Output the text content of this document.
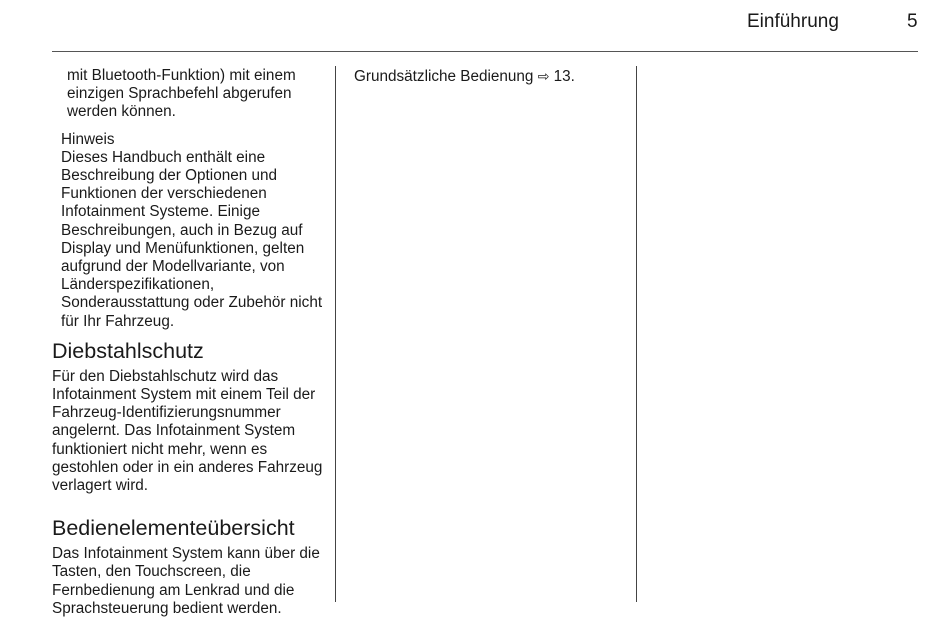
Einführung	5

mit Bluetooth-Funktion) mit einem einzigen Sprachbefehl abgerufen werden können.

Hinweis

Dieses Handbuch enthält eine Beschreibung der Optionen und Funktionen der verschiedenen Infotainment Systeme. Einige Beschreibungen, auch in Bezug auf Display und Menüfunktionen, gelten aufgrund der Modellvariante, von Länderspezifikationen, Sonderausstattung oder Zubehör nicht für Ihr Fahrzeug.

Diebstahlschutz

Für den Diebstahlschutz wird das Infotainment System mit einem Teil der Fahrzeug-Identifizierungsnummer angelernt. Das Infotainment System funktioniert nicht mehr, wenn es gestohlen oder in ein anderes Fahrzeug verlagert wird.

Bedienelementeübersicht

Das Infotainment System kann über die Tasten, den Touchscreen, die Fernbedienung am Lenkrad und die Sprachsteuerung bedient werden.

Grundsätzliche Bedienung ⇨ 13.
